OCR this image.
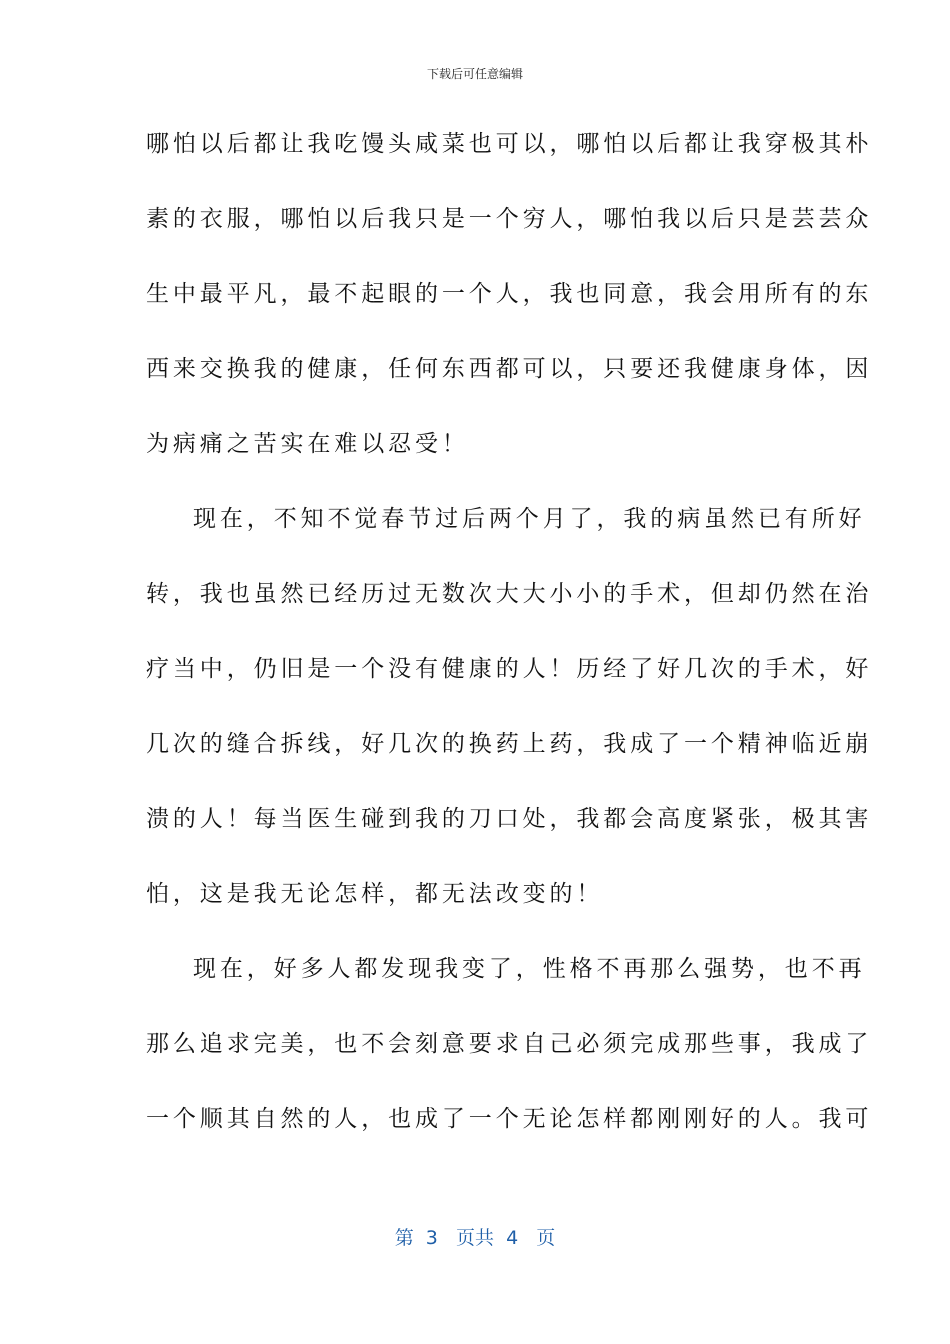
下载后可任意编辑
哪怕以后都让我吃馒头咸菜也可以，哪怕以后都让我穿极其朴
素的衣服，哪怕以后我只是一个穷人，哪怕我以后只是芸芸众
生中最平凡，最不起眼的一个人，我也同意，我会用所有的东
西来交换我的健康，任何东西都可以，只要还我健康身体，因
为病痛之苦实在难以忍受！
现在，不知不觉春节过后两个月了，我的病虽然已有所好
转，我也虽然已经历过无数次大大小小的手术，但却仍然在治
疗当中，仍旧是一个没有健康的人！历经了好几次的手术，好
几次的缝合拆线，好几次的换药上药，我成了一个精神临近崩
溃的人！每当医生碰到我的刀口处，我都会高度紧张，极其害
怕，这是我无论怎样，都无法改变的！
现在，好多人都发现我变了，性格不再那么强势，也不再
那么追求完美，也不会刻意要求自己必须完成那些事，我成了
一个顺其自然的人，也成了一个无论怎样都刚刚好的人。我可
第  3   页共  4   页
